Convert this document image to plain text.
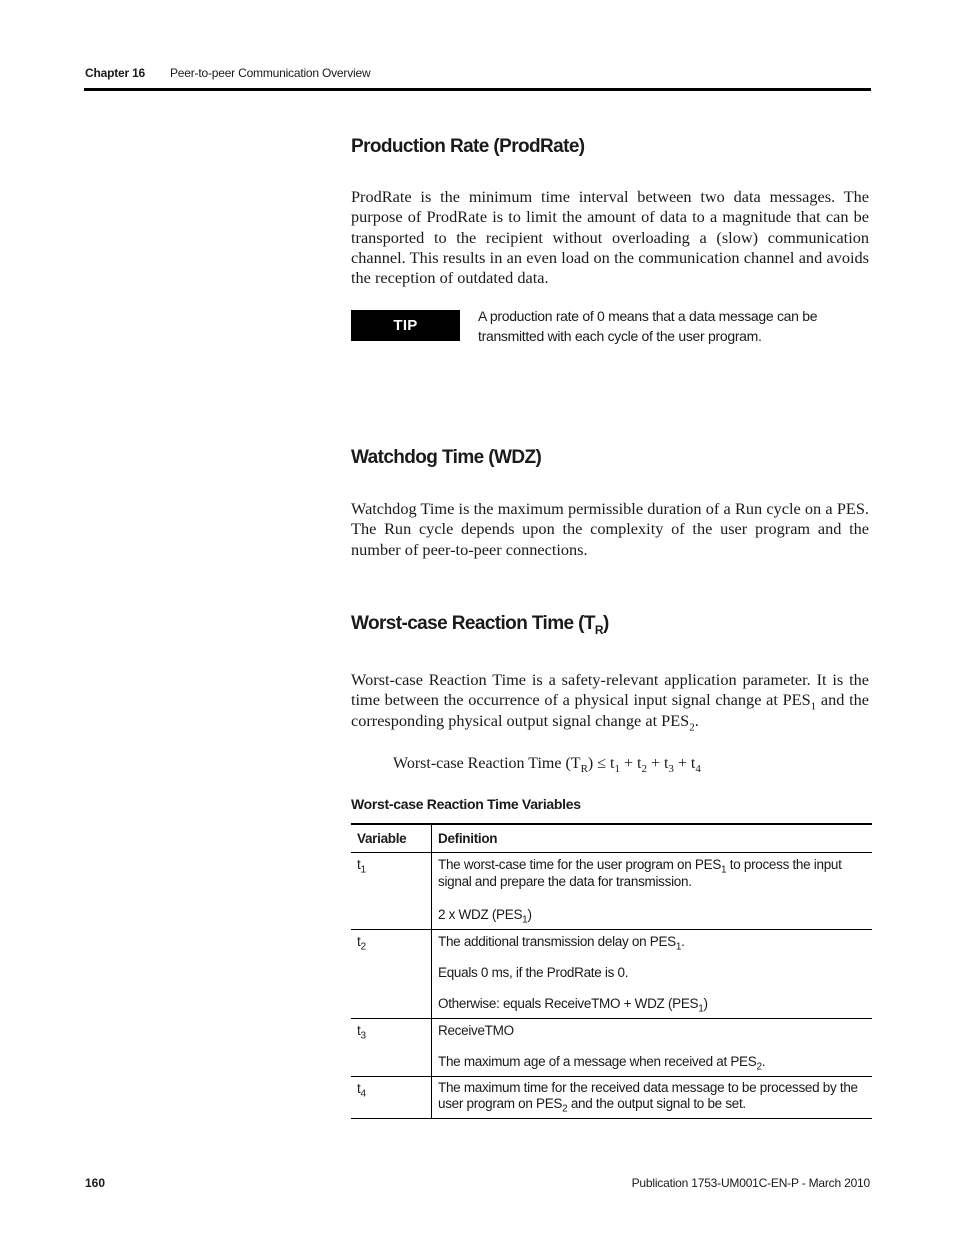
Chapter 16 Peer-to-peer Communication Overview
Production Rate (ProdRate)

ProdRate is the minimum time interval between two data messages. The purpose of ProdRate is to limit the amount of data to a magnitude that can be transported to the recipient without overloading a (slow) communication channel. This results in an even load on the communication channel and avoids the reception of outdated data.

TIP
A production rate of 0 means that a data message can be transmitted with each cycle of the user program.
Watchdog Time (WDZ)

Watchdog Time is the maximum permissible duration of a Run cycle on a PES. The Run cycle depends upon the complexity of the user program and the number of peer-to-peer connections.

Worst-case Reaction Time $(T_R)$

Worst-case Reaction Time is a safety-relevant application parameter. It is the time between the occurrence of a physical input signal change at $PES_1$ and the corresponding physical output signal change at $PES_2$.

Worst-case Reaction Time $(T_R) \le t_1 + t_2 + t_3 + t_4$
Worst-case Reaction Time Variables
Variable	Definition
$t_1$	The worst-case time for the user program on $PES_1$ to process the input signal and prepare the data for transmission.

2 x WDZ $(PES_1)$

$t_2$	The additional transmission delay on $PES_1$.

Equals 0 ms, if the ProdRate is 0.

Otherwise: equals ReceiveTMO + WDZ $(PES_1)$

$t_3$	ReceiveTMO

The maximum age of a message when received at $PES_2$.

$t_4$	The maximum time for the received data message to be processed by the user program on $PES_2$ and the output signal to be set.

160	Publication 1753-UM001C-EN-P - March 2010
